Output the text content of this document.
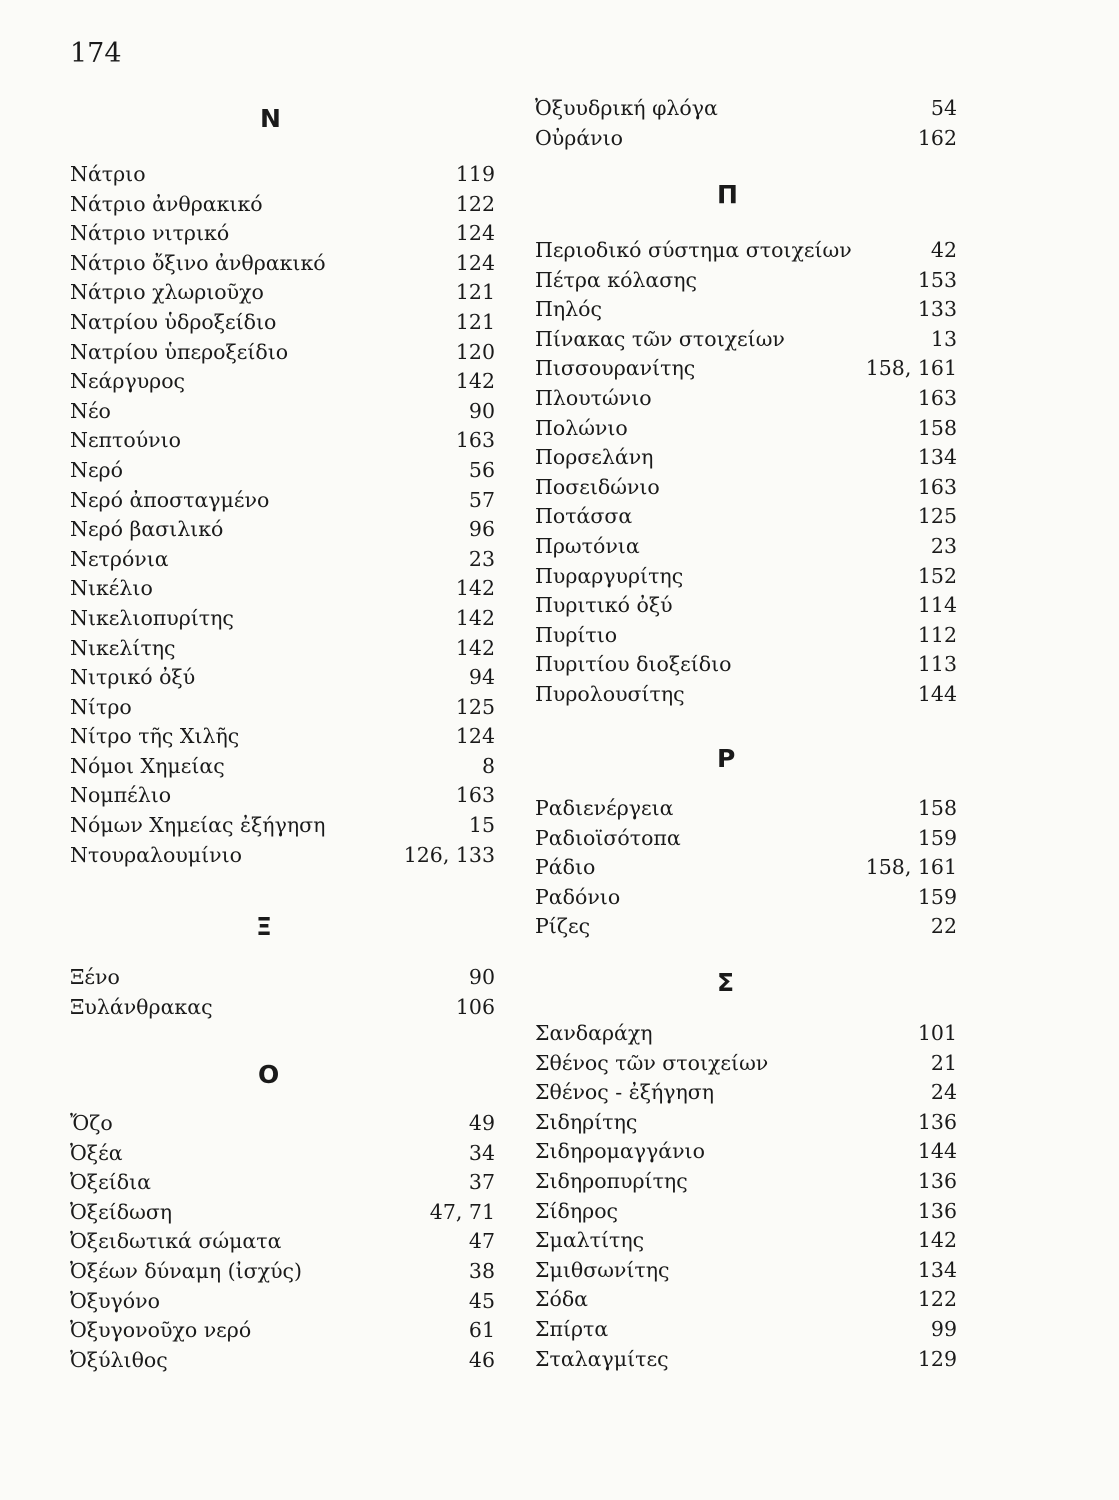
174
N
Νάτριο	119
Νάτριο ἀνθρακικό	122
Νάτριο νιτρικό	124
Νάτριο ὄξινο ἀνθρακικό	124
Νάτριο χλωριοῦχο	121
Νατρίου ὑδροξείδιο	121
Νατρίου ὑπεροξείδιο	120
Νεάργυρος	142
Νέο	90
Νεπτούνιο	163
Νερό	56
Νερό ἀποσταγμένο	57
Νερό βασιλικό	96
Νετρόνια	23
Νικέλιο	142
Νικελιοπυρίτης	142
Νικελίτης	142
Νιτρικό ὀξύ	94
Νίτρο	125
Νίτρο τῆς Χιλῆς	124
Νόμοι Χημείας	8
Νομπέλιο	163
Νόμων Χημείας ἐξήγηση	15
Ντουραλουμίνιο	126, 133
Ξ
Ξένο	90
Ξυλάνθρακας	106
O
Ὄζο	49
Ὀξέα	34
Ὀξείδια	37
Ὀξείδωση	47, 71
Ὀξειδωτικά σώματα	47
Ὀξέων δύναμη (ἰσχύς)	38
Ὀξυγόνο	45
Ὀξυγονοῦχο νερό	61
Ὀξύλιθος	46
Ὀξυυδρική φλόγα	54
Οὐράνιο	162
Π
Περιοδικό σύστημα στοιχείων	42
Πέτρα κόλασης	153
Πηλός	133
Πίνακας τῶν στοιχείων	13
Πισσουρανίτης	158, 161
Πλουτώνιο	163
Πολώνιο	158
Πορσελάνη	134
Ποσειδώνιο	163
Ποτάσσα	125
Πρωτόνια	23
Πυραργυρίτης	152
Πυριτικό ὀξύ	114
Πυρίτιο	112
Πυριτίου διοξείδιο	113
Πυρολουσίτης	144
P
Ραδιενέργεια	158
Ραδιοϊσότοπα	159
Ράδιο	158, 161
Ραδόνιο	159
Ρίζες	22
Σ
Σανδαράχη	101
Σθένος τῶν στοιχείων	21
Σθένος - ἐξήγηση	24
Σιδηρίτης	136
Σιδηρομαγγάνιο	144
Σιδηροπυρίτης	136
Σίδηρος	136
Σμαλτίτης	142
Σμιθσωνίτης	134
Σόδα	122
Σπίρτα	99
Σταλαγμίτες	129
